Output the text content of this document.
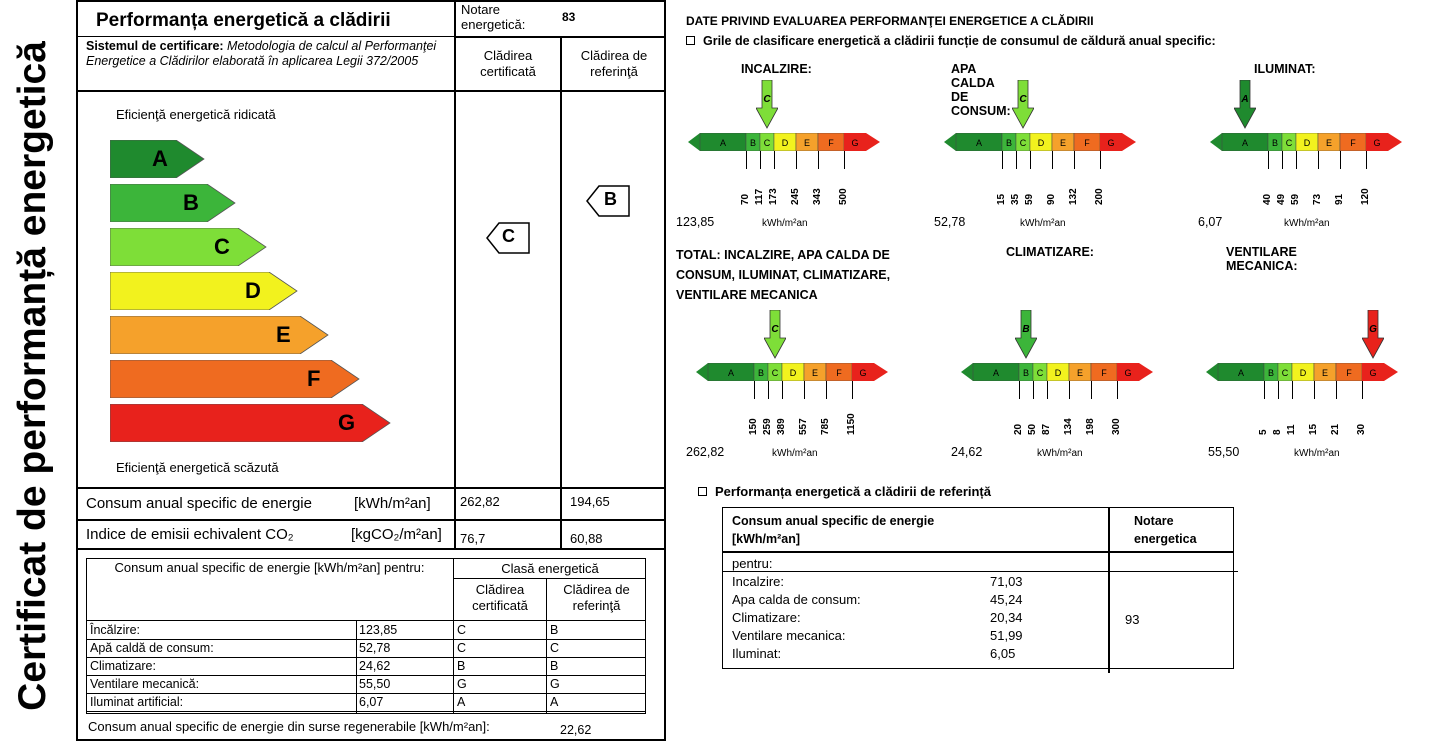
Certificat de performanță energetică
Performanța energetică a clădirii
Notare energetică:	83
Sistemul de certificare: Metodologia de calcul al Performanţei Energetice a Clădirilor elaborată în aplicarea Legii 372/2005	Clădirea certificată
Clădirea de referinţă
Eficienţă energetică ridicată
Eficienţă energetică scăzută
A
B
C
D
E
F
G
C
B
Consum anual specific de energie	[kWh/m²an] 262,82	194,65
Indice de emisii echivalent CO₂	[kgCO₂/m²an] 76,7	60,88
Consum anual specific de energie [kWh/m²an] pentru:	Clasă energetică
Clădirea certificată
Clădirea de referinţă
Încălzire:	123,85	C	B
Apă caldă de consum:	52,78	C	C
Climatizare:	24,62	B	B
Ventilare mecanică:	55,50	G	G
Iluminat artificial:	6,07	A	A
Consum anual specific de energie din surse regenerabile [kWh/m²an]:	22,62
DATE PRIVIND EVALUAREA PERFORMANŢEI ENERGETICE A CLĂDIRII
Grile de clasificare energetică a clădirii funcție de consumul de căldură anual specific:
INCALZIRE:
A	B C D E F G
70 117 173 245 343 500
C
123,85	kWh/m²an
APA CALDA DE CONSUM:
A	B C D E F G
15 35 59 90 132 200
C
52,78	kWh/m²an
ILUMINAT:
A	B C D E F G
40 49 59 73 91 120
A
6,07	kWh/m²an
TOTAL: INCALZIRE, APA CALDA DE CONSUM, ILUMINAT, CLIMATIZARE, VENTILARE MECANICA
A	B C D E F G
150 259 389 557 785 1150
C
262,82	kWh/m²an
CLIMATIZARE:
A	B C D E F G
20 50 87 134 198 300
B
24,62	kWh/m²an
VENTILARE MECANICA:
A	B C D E F G
5 8 11 15 21 30
G
55,50	kWh/m²an
Performanța energetică a clădirii de referință
Consum anual specific de energie [kWh/m²an]
Notare energetica
pentru:
Incalzire:	71,03
Apa calda de consum:	45,24
Climatizare:	20,34
Ventilare mecanica:	51,99
Iluminat:	6,05
93
